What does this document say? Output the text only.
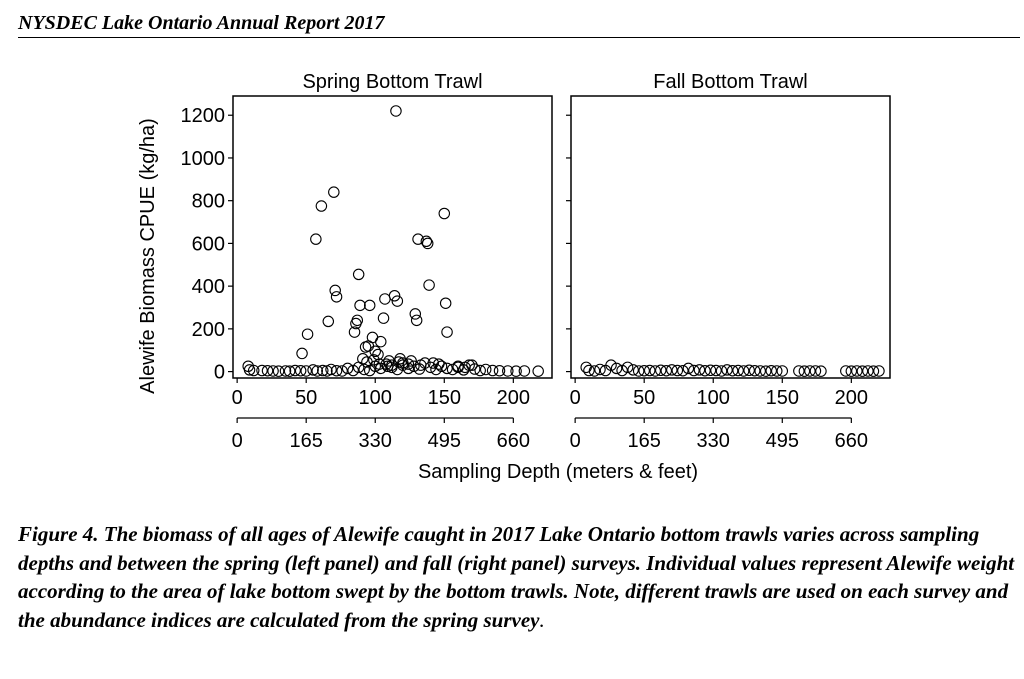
NYSDEC Lake Ontario Annual Report 2017
Spring Bottom Trawl
0
200
400
600
800
1000
1200
0	50 100 150 200
0 165 330 495 660
Fall Bottom Trawl
0	50 100 150 200
0 165 330 495 660
Alewife Biomass CPUE (kg/ha)
Sampling Depth (meters & feet)
Figure 4. The biomass of all ages of Alewife caught in 2017 Lake Ontario bottom trawls varies across sampling depths and between the spring (left panel) and fall (right panel) surveys. Individual values represent Alewife weight according to the area of lake bottom swept by the bottom trawls. Note, different trawls are used on each survey and the abundance indices are calculated from the spring survey.
